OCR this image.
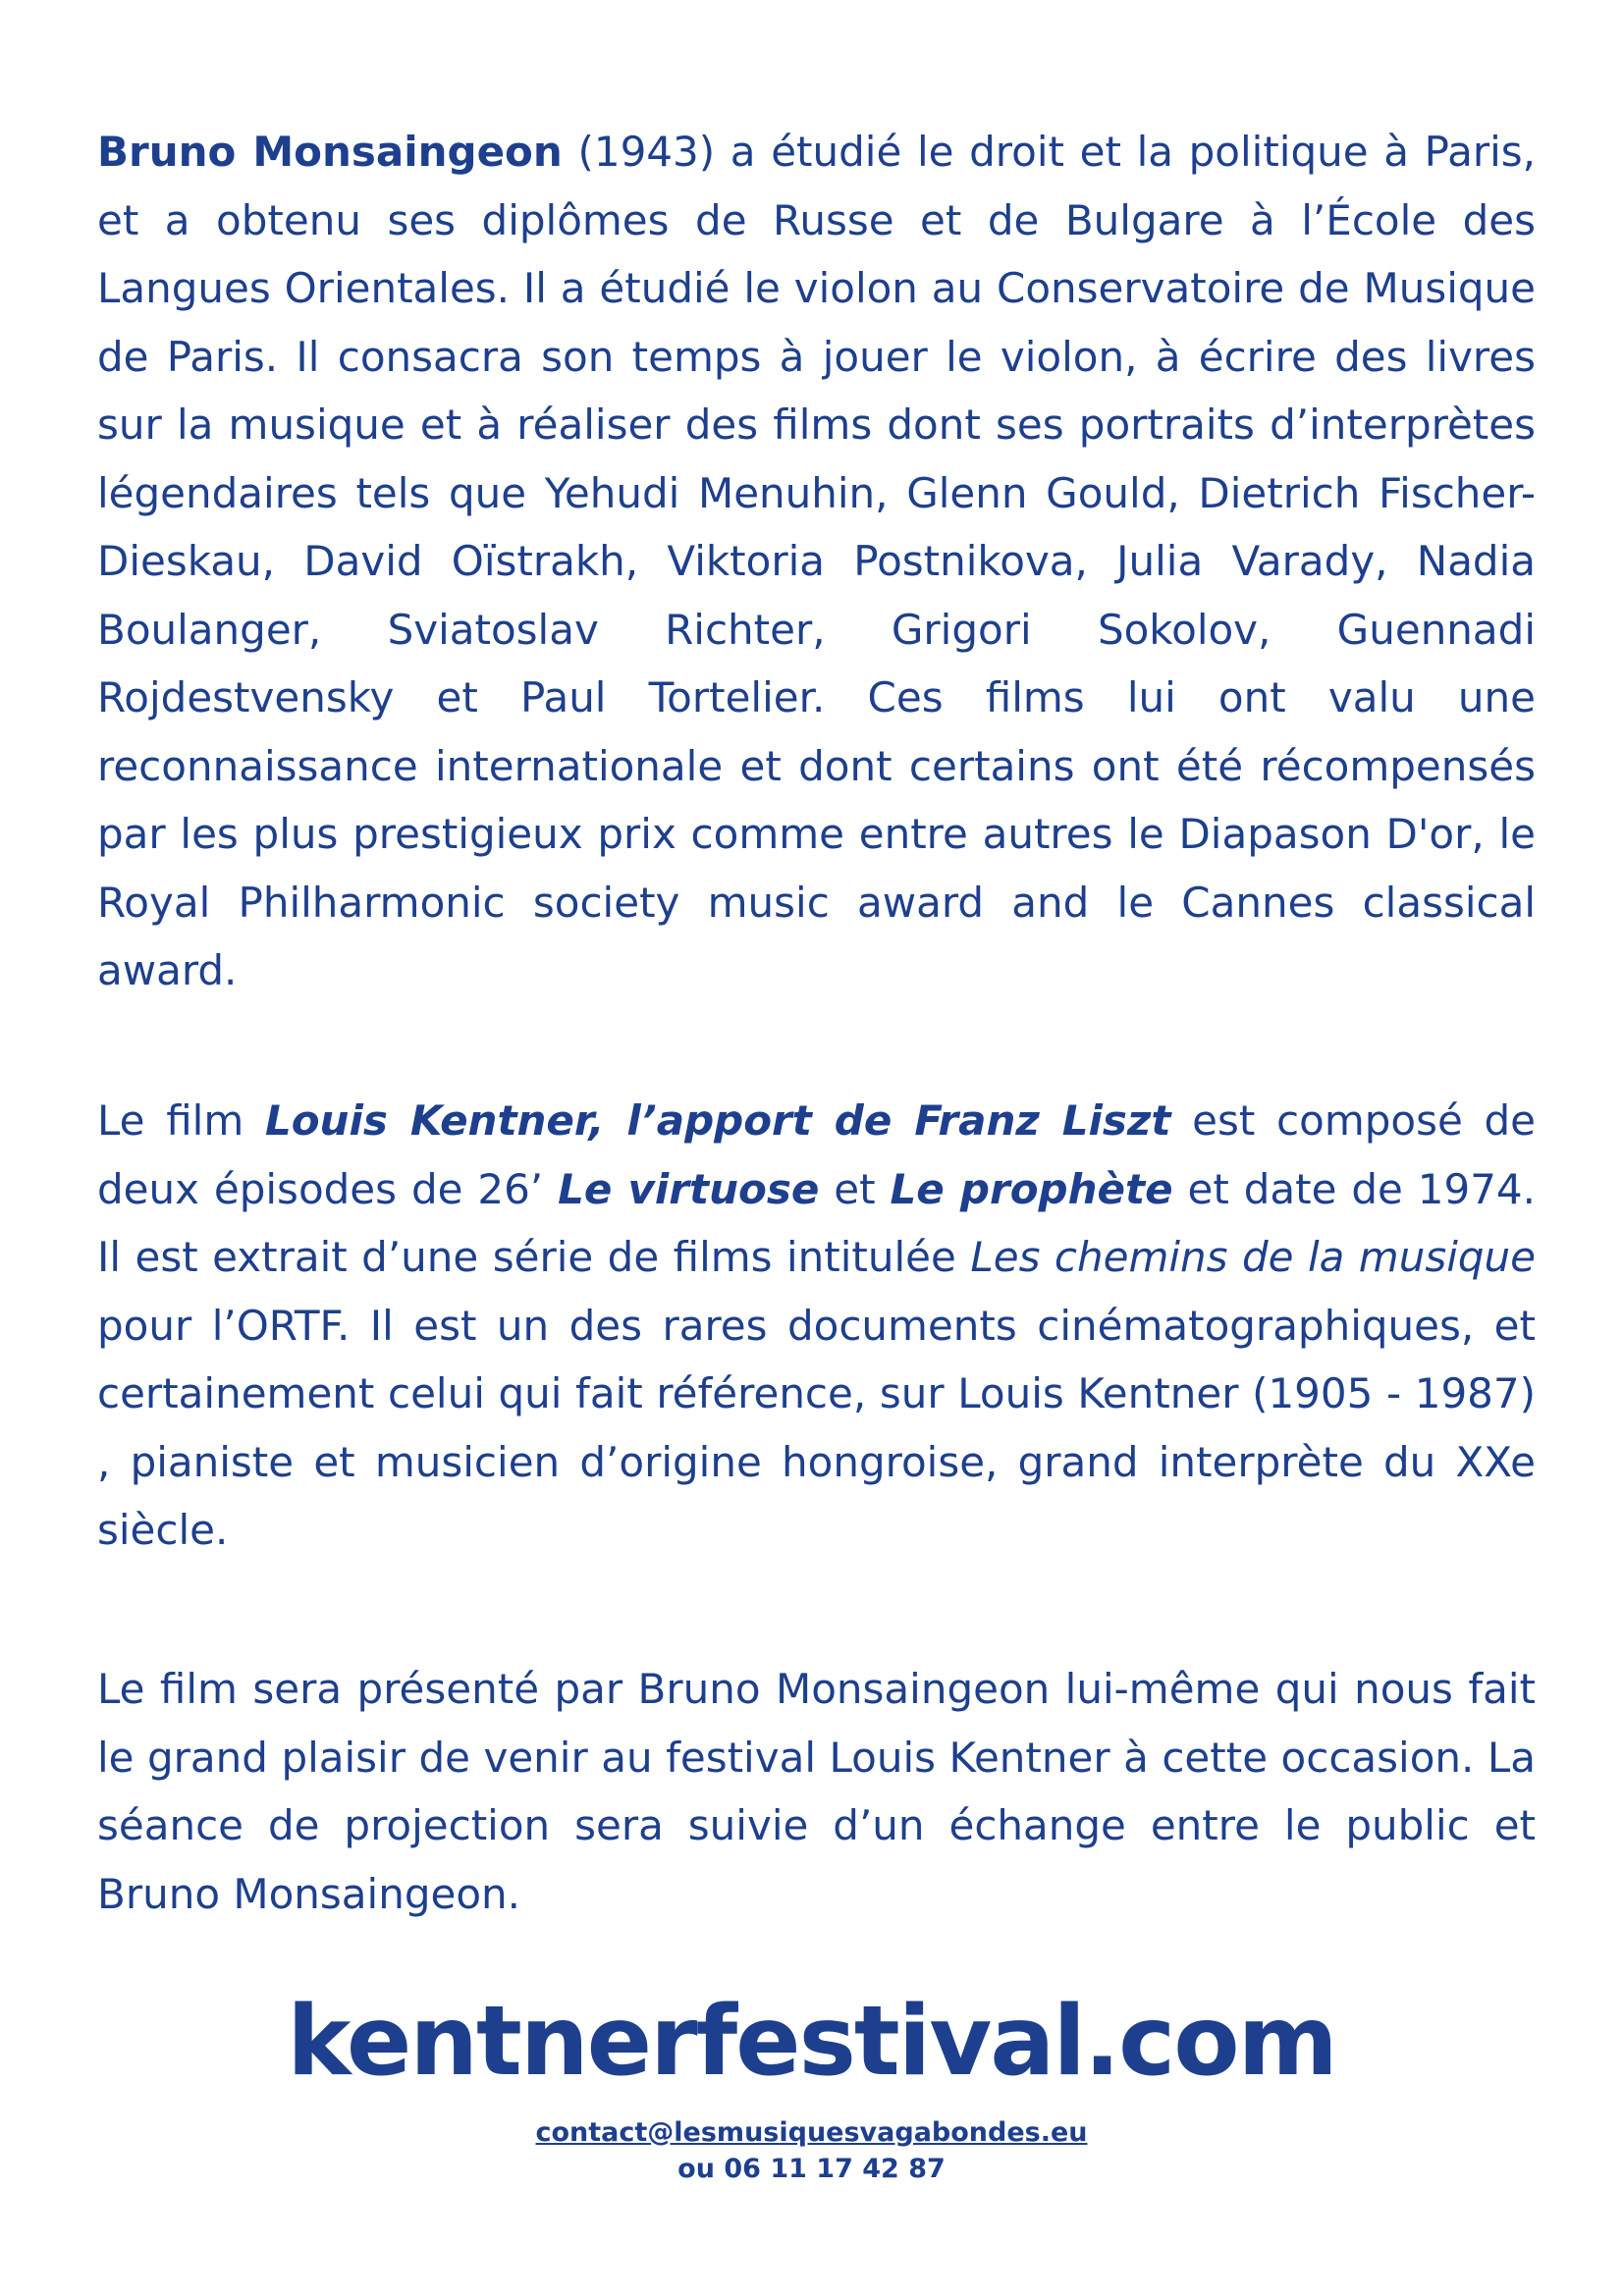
Bruno Monsaingeon (1943) a étudié le droit et la politique à Paris, et a obtenu ses diplômes de Russe et de Bulgare à l’École des Langues Orientales. Il a étudié le violon au Conservatoire de Musique de Paris. Il consacra son temps à jouer le violon, à écrire des livres sur la musique et à réaliser des films dont ses portraits d’interprètes légendaires tels que Yehudi Menuhin, Glenn Gould, Dietrich Fischer-Dieskau, David Oïstrakh, Viktoria Postnikova, Julia Varady, Nadia Boulanger, Sviatoslav Richter, Grigori Sokolov, Guennadi Rojdestvensky et Paul Tortelier. Ces films lui ont valu une reconnaissance internationale et dont certains ont été récompensés par les plus prestigieux prix comme entre autres le Diapason D'or, le Royal Philharmonic society music award and le Cannes classical award.

Le film Louis Kentner, l’apport de Franz Liszt est composé de deux épisodes de 26’ Le virtuose et Le prophète et date de 1974. Il est extrait d’une série de films intitulée Les chemins de la musique pour l’ORTF. Il est un des rares documents cinématographiques, et certainement celui qui fait référence, sur Louis Kentner (1905 - 1987) , pianiste et musicien d’origine hongroise, grand interprète du XXe siècle.

Le film sera présenté par Bruno Monsaingeon lui-même qui nous fait le grand plaisir de venir au festival Louis Kentner à cette occasion. La séance de projection sera suivie d’un échange entre le public et Bruno Monsaingeon.

kentnerfestival.com
contact@lesmusiquesvagabondes.eu
ou 06 11 17 42 87
